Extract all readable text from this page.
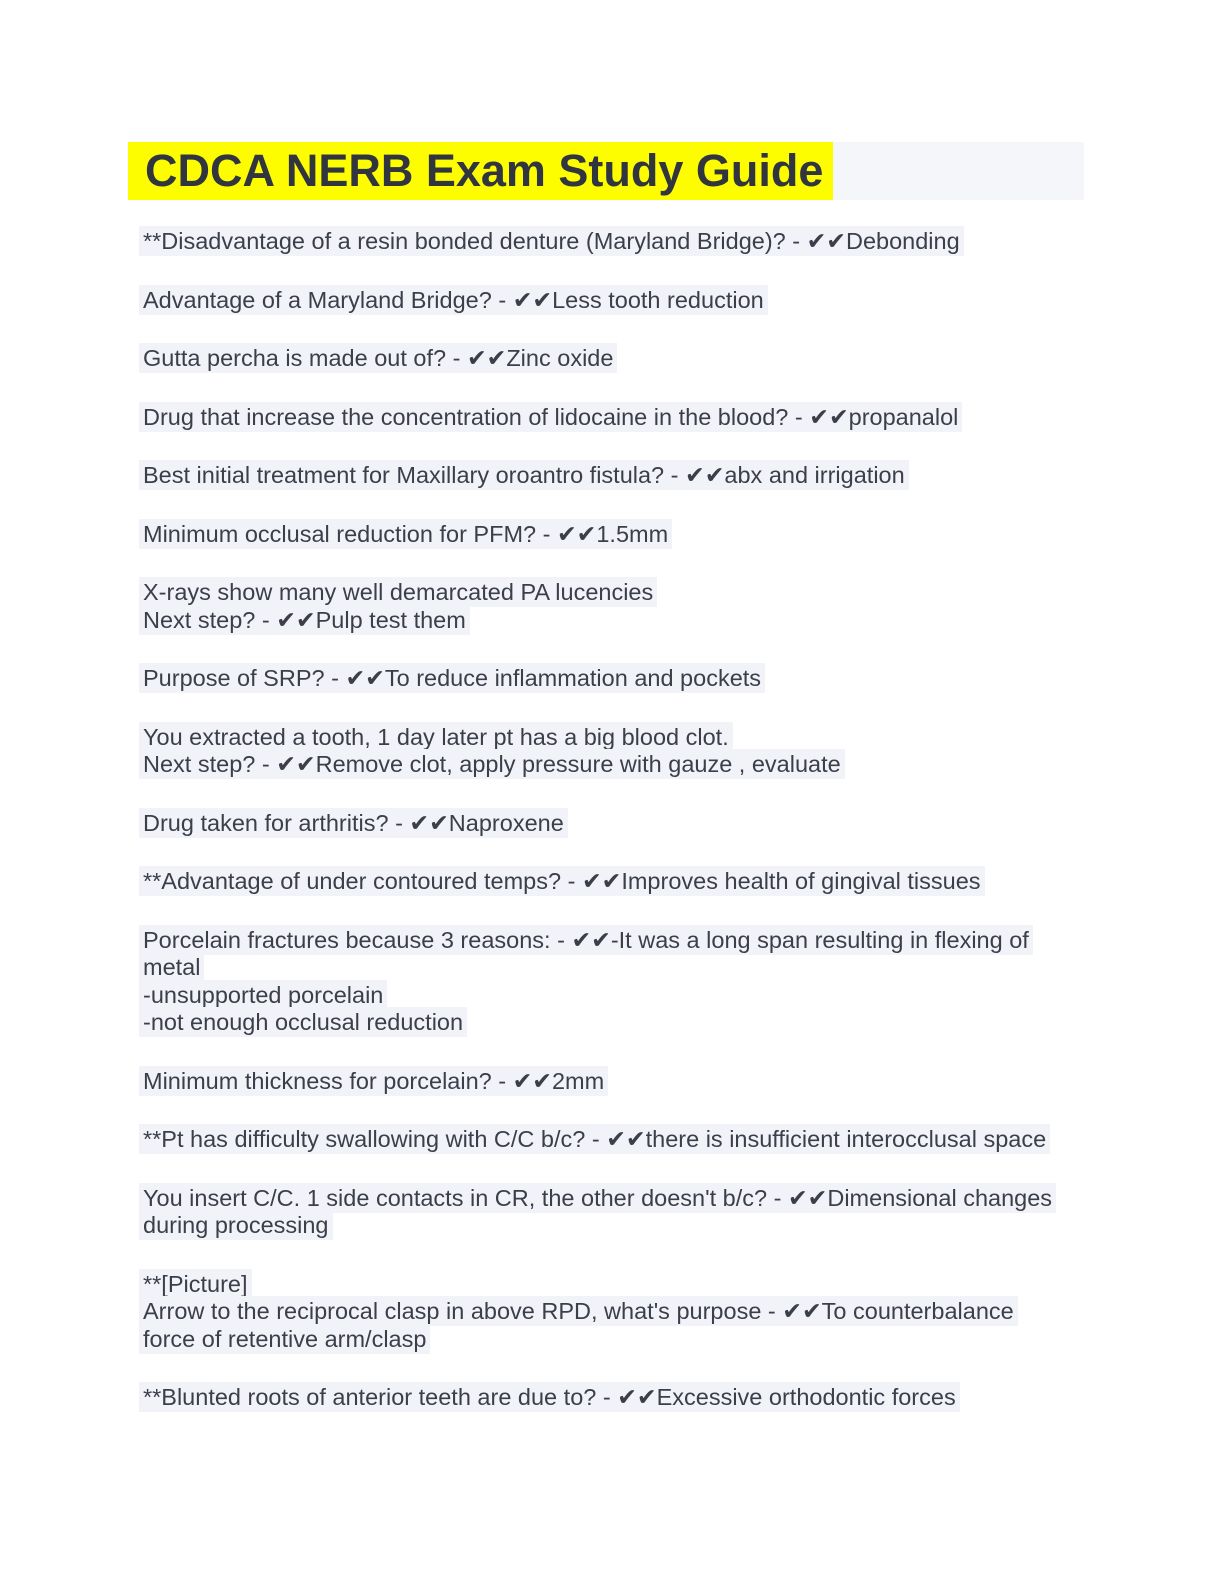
CDCA NERB Exam Study Guide

**Disadvantage of a resin bonded denture (Maryland Bridge)? - ✔✔Debonding

Advantage of a Maryland Bridge? - ✔✔Less tooth reduction

Gutta percha is made out of? - ✔✔Zinc oxide

Drug that increase the concentration of lidocaine in the blood? - ✔✔propanalol

Best initial treatment for Maxillary oroantro fistula? - ✔✔abx and irrigation

Minimum occlusal reduction for PFM? - ✔✔1.5mm

X-rays show many well demarcated PA lucencies
Next step? - ✔✔Pulp test them

Purpose of SRP? - ✔✔To reduce inflammation and pockets

You extracted a tooth, 1 day later pt has a big blood clot.
Next step? - ✔✔Remove clot, apply pressure with gauze , evaluate

Drug taken for arthritis? - ✔✔Naproxene

**Advantage of under contoured temps? - ✔✔Improves health of gingival tissues

Porcelain fractures because 3 reasons: - ✔✔-It was a long span resulting in flexing of
metal
-unsupported porcelain
-not enough occlusal reduction

Minimum thickness for porcelain? - ✔✔2mm

**Pt has difficulty swallowing with C/C b/c? - ✔✔there is insufficient interocclusal space

You insert C/C. 1 side contacts in CR, the other doesn't b/c? - ✔✔Dimensional changes
during processing

**[Picture]
Arrow to the reciprocal clasp in above RPD, what's purpose - ✔✔To counterbalance
force of retentive arm/clasp

**Blunted roots of anterior teeth are due to? - ✔✔Excessive orthodontic forces
